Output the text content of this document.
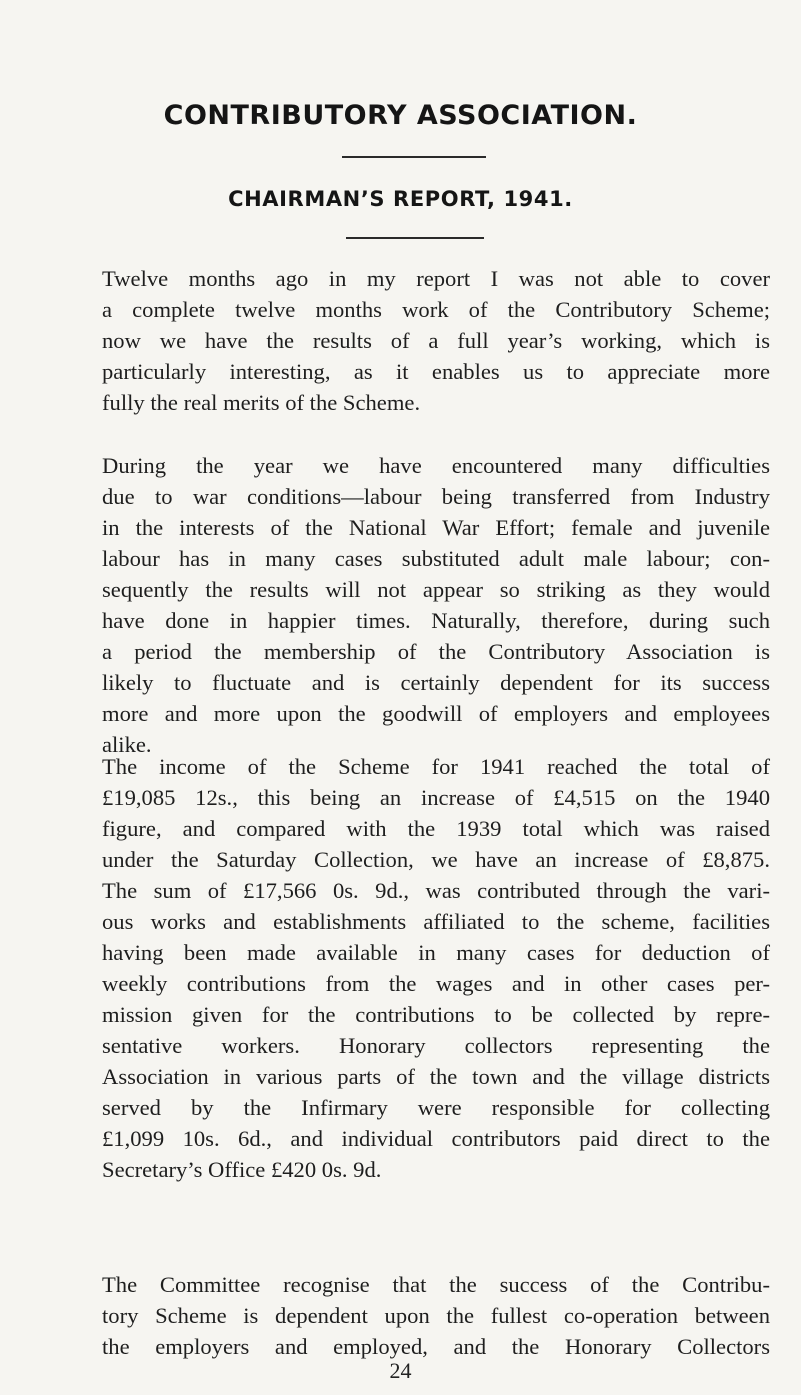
CONTRIBUTORY ASSOCIATION.
CHAIRMAN’S REPORT, 1941.

Twelve months ago in my report I was not able to cover
a complete twelve months work of the Contributory Scheme;
now we have the results of a full year’s working, which is
particularly interesting, as it enables us to appreciate more
fully the real merits of the Scheme.

During the year we have encountered many difficulties
due to war conditions—labour being transferred from Industry
in the interests of the National War Effort; female and juvenile
labour has in many cases substituted adult male labour; con-
sequently the results will not appear so striking as they would
have done in happier times. Naturally, therefore, during such
a period the membership of the Contributory Association is
likely to fluctuate and is certainly dependent for its success
more and more upon the goodwill of employers and employees
alike.

The income of the Scheme for 1941 reached the total of
£19,085 12s., this being an increase of £4,515 on the 1940
figure, and compared with the 1939 total which was raised
under the Saturday Collection, we have an increase of £8,875.
The sum of £17,566 0s. 9d., was contributed through the vari-
ous works and establishments affiliated to the scheme, facilities
having been made available in many cases for deduction of
weekly contributions from the wages and in other cases per-
mission given for the contributions to be collected by repre-
sentative workers. Honorary collectors representing the
Association in various parts of the town and the village districts
served by the Infirmary were responsible for collecting
£1,099 10s. 6d., and individual contributors paid direct to the
Secretary’s Office £420 0s. 9d.

The Committee recognise that the success of the Contribu-
tory Scheme is dependent upon the fullest co-operation between
the employers and employed, and the Honorary Collectors

24
